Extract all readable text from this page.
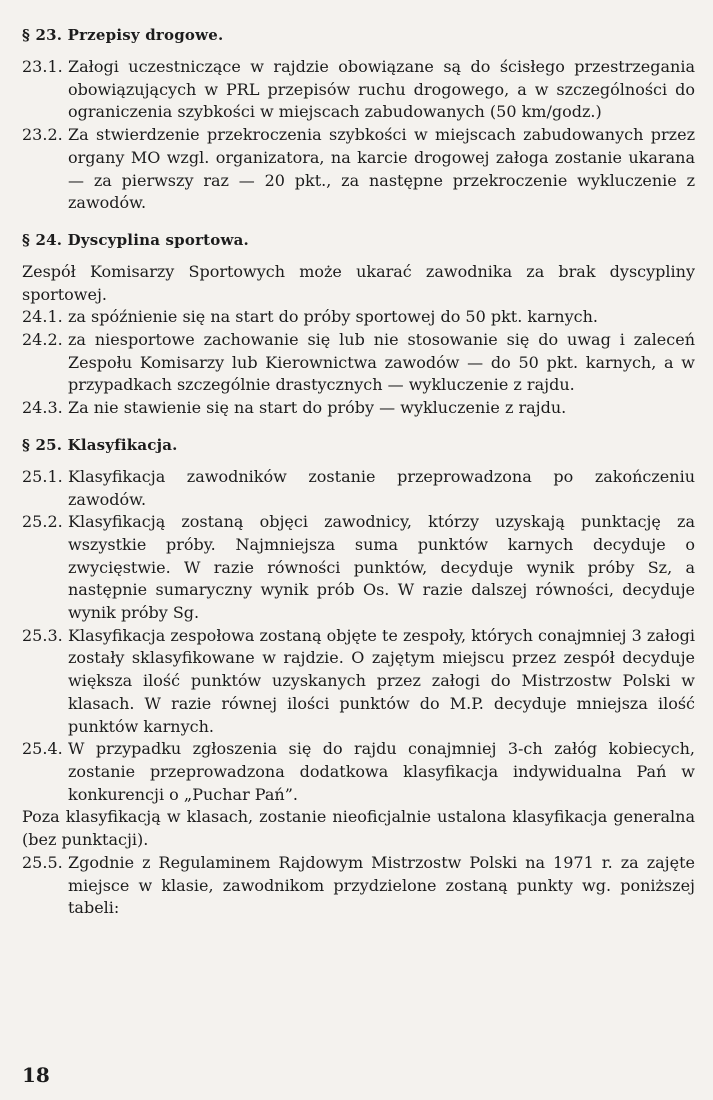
§ 23. Przepisy drogowe.
23.1. Załogi uczestniczące w rajdzie obowiązane są do ścisłego przestrzegania obowiązujących w PRL przepisów ruchu drogowego, a w szczególności do ograniczenia szybkości w miejscach zabudowanych (50 km/godz.)
23.2. Za stwierdzenie przekroczenia szybkości w miejscach zabudowanych przez organy MO wzgl. organizatora, na karcie drogowej załoga zostanie ukarana — za pierwszy raz — 20 pkt., za następne przekroczenie wykluczenie z zawodów.
§ 24. Dyscyplina sportowa.
Zespół Komisarzy Sportowych może ukarać zawodnika za brak dyscypliny sportowej.
24.1. za spóźnienie się na start do próby sportowej do 50 pkt. karnych.
24.2. za niesportowe zachowanie się lub nie stosowanie się do uwag i zaleceń Zespołu Komisarzy lub Kierownictwa zawodów — do 50 pkt. karnych, a w przypadkach szczególnie drastycznych — wykluczenie z rajdu.
24.3. Za nie stawienie się na start do próby — wykluczenie z rajdu.
§ 25. Klasyfikacja.
25.1. Klasyfikacja zawodników zostanie przeprowadzona po zakończeniu zawodów.
25.2. Klasyfikacją zostaną objęci zawodnicy, którzy uzyskają punktację za wszystkie próby. Najmniejsza suma punktów karnych decyduje o zwycięstwie. W razie równości punktów, decyduje wynik próby Sz, a następnie sumaryczny wynik prób Os. W razie dalszej równości, decyduje wynik próby Sg.
25.3. Klasyfikacja zespołowa zostaną objęte te zespoły, których conajmniej 3 załogi zostały sklasyfikowane w rajdzie. O zajętym miejscu przez zespół decyduje większa ilość punktów uzyskanych przez załogi do Mistrzostw Polski w klasach. W razie równej ilości punktów do M.P. decyduje mniejsza ilość punktów karnych.
25.4. W przypadku zgłoszenia się do rajdu conajmniej 3-ch załóg kobiecych, zostanie przeprowadzona dodatkowa klasyfikacja indywidualna Pań w konkurencji o „Puchar Pań”.
Poza klasyfikacją w klasach, zostanie nieoficjalnie ustalona klasyfikacja generalna (bez punktacji).
25.5. Zgodnie z Regulaminem Rajdowym Mistrzostw Polski na 1971 r. za zajęte miejsce w klasie, zawodnikom przydzielone zostaną punkty wg. poniższej tabeli:
18
